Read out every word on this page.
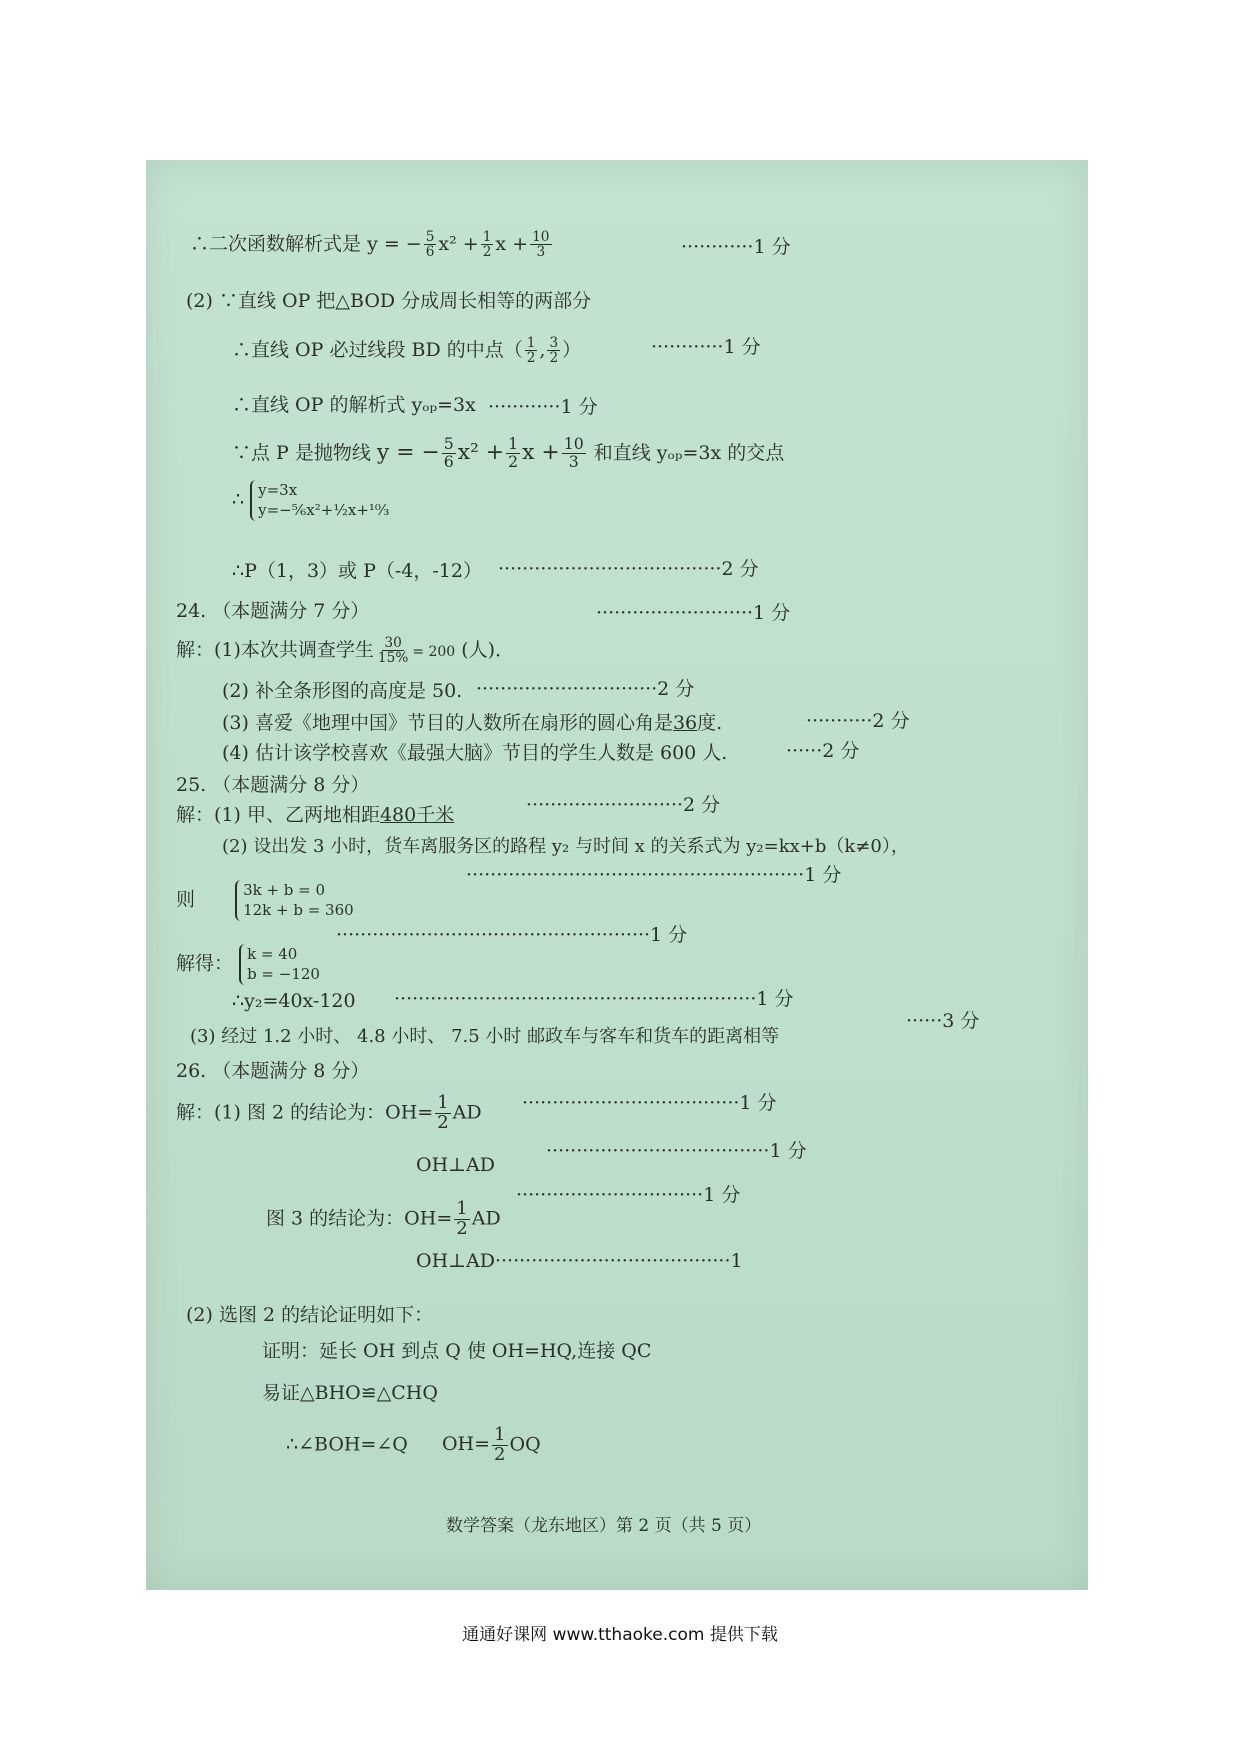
∴二次函数解析式是 y = − $\frac{5}{6} x^2 + \frac{1}{2}$ $x + \frac{10}{3}$	············1 分
(2) ∵直线 OP 把△BOD 分成周长相等的两部分
∴直线 OP 必过线段 BD 的中点（ $\frac{1}{2}$ , $\frac{3}{2}$ ）	············1 分
∴直线 OP 的解析式 yₒₚ=3x ············1 分
∵点 P 是抛物线 y = − $\frac{5}{6} x^2 + \frac{1}{2}$ $x + \frac{10}{3}$ 和直线 yₒₚ=3x 的交点
∴ y=3x
y=−⁵⁄₆x²+½x+¹⁰⁄₃
∴P（1，3）或 P（-4，-12） ·····································2 分
24. （本题满分 7 分）
解：(1)本次共调查学生 $\frac{30}{15\%} = 200$ (人)．
··························1 分
(2) 补全条形图的高度是 50. ······························2 分
(3) 喜爱《地理中国》节目的人数所在扇形的圆心角是36度.	···········2 分
(4) 估计该学校喜欢《最强大脑》节目的学生人数是 600 人.	······2 分
25. （本题满分 8 分）
解：(1) 甲、乙两地相距480千米	··························2 分
(2) 设出发 3 小时，货车离服务区的路程 y₂ 与时间 x 的关系式为 y₂=kx+b（k≠0），
则	3k + b = 0
12k + b = 360
························································1 分
解得： k = 40
b = −120
····················································1 分
∴y₂=40x-120 ····························································1 分
(3) 经过 1.2 小时、 4.8 小时、 7.5 小时 邮政车与客车和货车的距离相等
······3 分
26. （本题满分 8 分）
解：(1) 图 2 的结论为：$OH= \frac{1}{2}$ AD ····································1 分
OH⊥AD
·····································1 分
图 3 的结论为：$OH= \frac{1}{2}$ AD
·······························1 分
OH⊥AD·······································1
(2) 选图 2 的结论证明如下：
证明：延长 OH 到点 Q 使 OH=HQ,连接 QC
易证△BHO≌△CHQ
∴∠BOH=∠Q $OH= \frac{1}{2}$ OQ
数学答案（龙东地区）第 2 页（共 5 页）
通通好课网 www.tthaoke.com 提供下载
